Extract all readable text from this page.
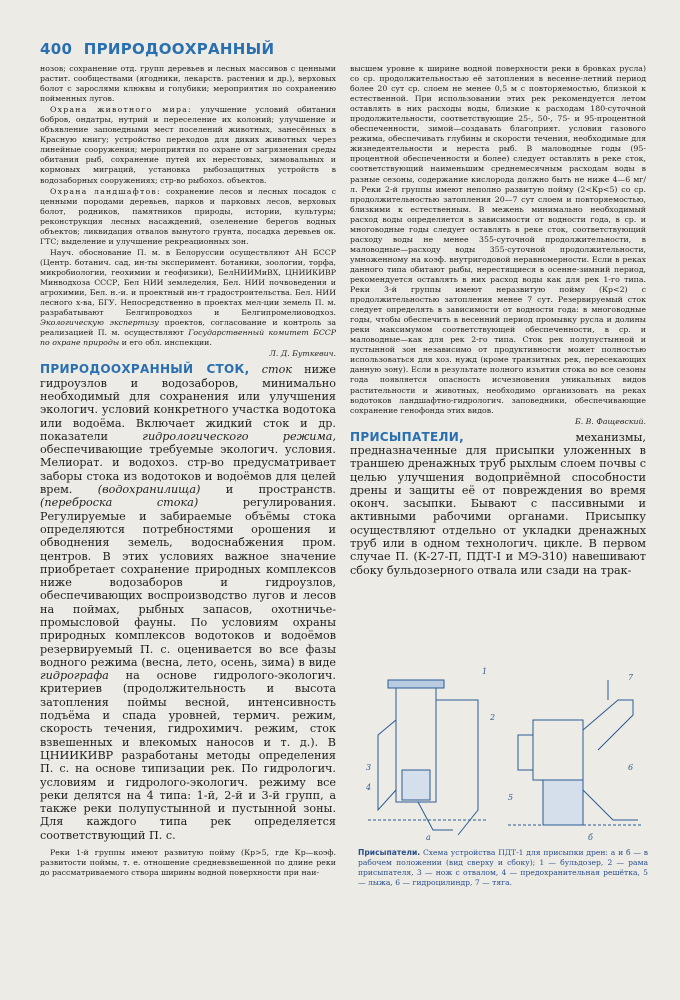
400 ПРИРОДООХРАННЫЙ

нозов; сохранение отд. групп деревьев и лесных массивов с ценными растит. сообществами (ягодники, лекарств. растения и др.), верховых болот с зарослями клюквы и голубики; мероприятия по сохранению пойменных лугов.

Охрана животного мира: улучшение условий обитания бобров, ондатры, нутрий и переселение их колоний; улучшение и объявление заповедными мест поселений животных, занесённых в Красную книгу; устройство переходов для диких животных через линейные сооружения; мероприятия по охране от загрязнения среды обитания рыб, сохранение путей их нерестовых, зимовальных и кормовых миграций, установка рыбозащитных устройств в водозаборных сооружениях; стр-во рыбохоз. объектов.

Охрана ландшафтов: сохранение лесов и лесных посадок с ценными породами деревьев, парков и парковых лесов, верховых болот, родников, памятников природы, истории, культуры; реконструкция лесных насаждений, озеленение берегов водных объектов; ликвидация отвалов вынутого грунта, посадка деревьев ок. ГТС; выделение и улучшение рекреационных зон.

Науч. обоснование П. м. в Белоруссии осуществляют АН БССР (Центр. ботанич. сад, ин-ты эксперимент. ботаники, зоологии, торфа, микробиологии, геохимии и геофизики), БелНИИМиВХ, ЦНИИКИВР Минводхоза СССР, Бел НИИ земледелия, Бел. НИИ почвоведения и агрохимии, Бел. н.-и. и проектный ин-т градостроительства. Бел. НИИ лесного х-ва, БГУ. Непосредственно в проектах мел-ции земель П. м. разрабатывают Белгипроводхоз и Белгипромелиоводхоз. Экологическую экспертизу проектов, согласование и контроль за реализацией П. м. осуществляют Государственный комитет БССР по охране природы и его обл. инспекции.

Л. Д. Буткевич.

ПРИРОДООХРАННЫЙ СТОК, сток ниже гидроузлов и водозаборов, минимально необходимый для сохранения или улучшения экологич. условий конкретного участка водотока или водоёма. Включает жидкий сток и др. показатели гидрологического режима, обеспечивающие требуемые экологич. условия. Мелиорат. и водохоз. стр-во предусматривает заборы стока из водотоков и водоёмов для целей врем. (водохранилища) и пространств. (переброска стока) регулирования. Регулируемые и забираемые объёмы стока определяются потребностями орошения и обводнения земель, водоснабжения пром. центров. В этих условиях важное значение приобретает сохранение природных комплексов ниже водозаборов и гидроузлов, обеспечивающих воспроизводство лугов и лесов на поймах, рыбных запасов, охотничье-промысловой фауны. По условиям охраны природных комплексов водотоков и водоёмов резервируемый П. с. оценивается во все фазы водного режима (весна, лето, осень, зима) в виде гидрографа на основе гидролого-экологич. критериев (продолжительность и высота затопления поймы весной, интенсивность подъёма и спада уровней, термич. режим, скорость течения, гидрохимич. режим, сток взвешенных и влекомых наносов и т. д.). В ЦНИИКИВР разработаны методы определения П. с. на основе типизации рек. По гидрологич. условиям и гидролого-экологич. режиму все реки делятся на 4 типа: 1-й, 2-й и 3-й групп, а также реки полупустынной и пустынной зоны. Для каждого типа рек определяется соответствующий П. с.

Реки 1-й группы имеют развитую пойму (Кр>5, где Кр—коэф. развитости поймы, т. е. отношение средневзвешенной по длине реки до рассматриваемого створа ширины водной поверхности при наи-

высшем уровне к ширине водной поверхности реки в бровках русла) со ср. продолжительностью её затопления в весенне-летний период более 20 сут ср. слоем не менее 0,5 м с повторяемостью, близкой к естественной. При использовании этих рек рекомендуется летом оставлять в них расходы воды, близкие к расходам 180-суточной продолжительности, соответствующие 25-, 50-, 75- и 95-процентной обеспеченности, зимой—создавать благоприят. условия газового режима, обеспечивать глубины и скорости течения, необходимые для жизнедеятельности и нереста рыб. В маловодные годы (95-процентной обеспеченности и более) следует оставлять в реке сток, соответствующий наименьшим среднемесячным расходам воды в разные сезоны, содержание кислорода должно быть не ниже 4—6 мг/л. Реки 2-й группы имеют неполно развитую пойму (2<Кр<5) со ср. продолжительностью затопления 20—7 сут слоем и повторяемостью, близкими к естественным. В межень минимально необходимый расход воды определяется в зависимости от водности года, в ср. и многоводные годы следует оставлять в реке сток, соответствующий расходу воды не менее 355-суточной продолжительности, в маловодные—расходу воды 355-суточной продолжительности, умноженному на коэф. внутригодовой неравномерности. Если в реках данного типа обитают рыбы, нерестящиеся в осенне-зимний период, рекомендуется оставлять в них расход воды как для рек 1-го типа. Реки 3-й группы имеют неразвитую пойму (Кр<2) с продолжительностью затопления менее 7 сут. Резервируемый сток следует определять в зависимости от водности года: в многоводные годы, чтобы обеспечить в весенний период промывку русла и долины реки максимумом соответствующей обеспеченности, в ср. и маловодные—как для рек 2-го типа. Сток рек полупустынной и пустынной зон независимо от продуктивности может полностью использоваться для хоз. нужд (кроме транзитных рек, пересекающих данную зону). Если в результате полного изъятия стока во все сезоны года появляется опасность исчезновения уникальных видов растительности и животных, необходимо организовать на реках водотоков ландшафтно-гидрологич. заповедники, обеспечивающие сохранение генофонда этих видов.

Б. В. Фащевский.

ПРИСЫПАТЕЛИ, механизмы, предназначенные для присыпки уложенных в траншею дренажных труб рыхлым слоем почвы с целью улучшения водоприёмной способности дрены и защиты её от повреждения во время оконч. засыпки. Бывают с пассивными и активными рабочими органами. Присыпку осуществляют отдельно от укладки дренажных труб или в одном технологич. цикле. В первом случае П. (К-27-П, ПДТ-I и МЭ-310) навешивают сбоку бульдозерного отвала или сзади на трак-

1
2
3
4
5
6
7
а	б
Присыпатели. Схема устройства ПДТ-1 для присыпки дрен: а и б — в рабочем положении (вид сверху и сбоку); 1 — бульдозер, 2 — рама присыпателя, 3 — нож с отвалом, 4 — предохранительная решётка, 5 — лыжа, 6 — гидроцилиндр, 7 — тяга.
